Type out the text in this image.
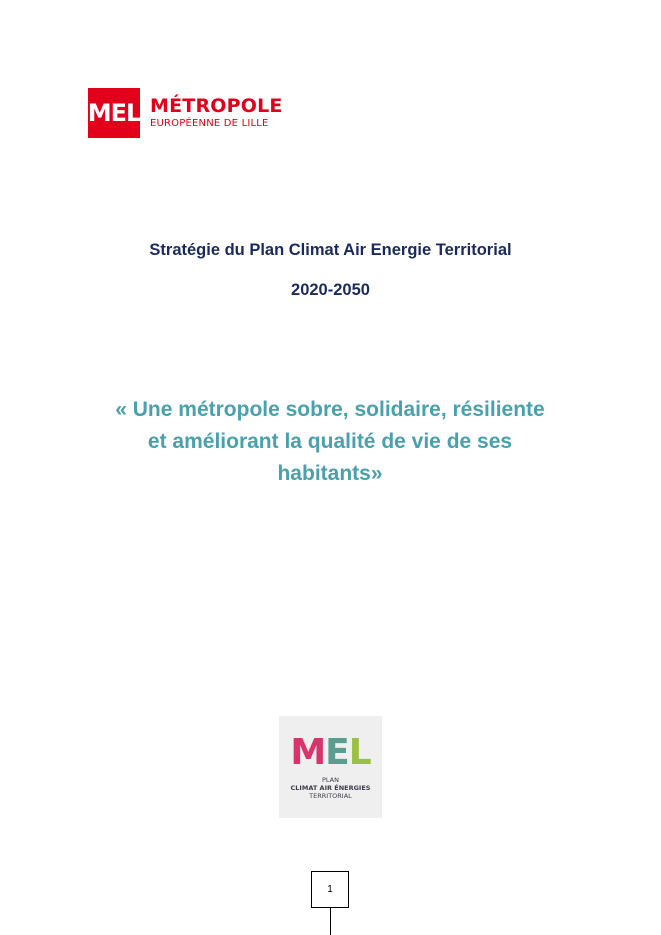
MEL MÉTROPOLE
EUROPÉENNE DE LILLE
Stratégie du Plan Climat Air Energie Territorial
2020-2050
« Une métropole sobre, solidaire, résiliente
et améliorant la qualité de vie de ses
habitants»
M E L
PLAN
CLIMAT AIR ÉNERGIES
TERRITORIAL
1
